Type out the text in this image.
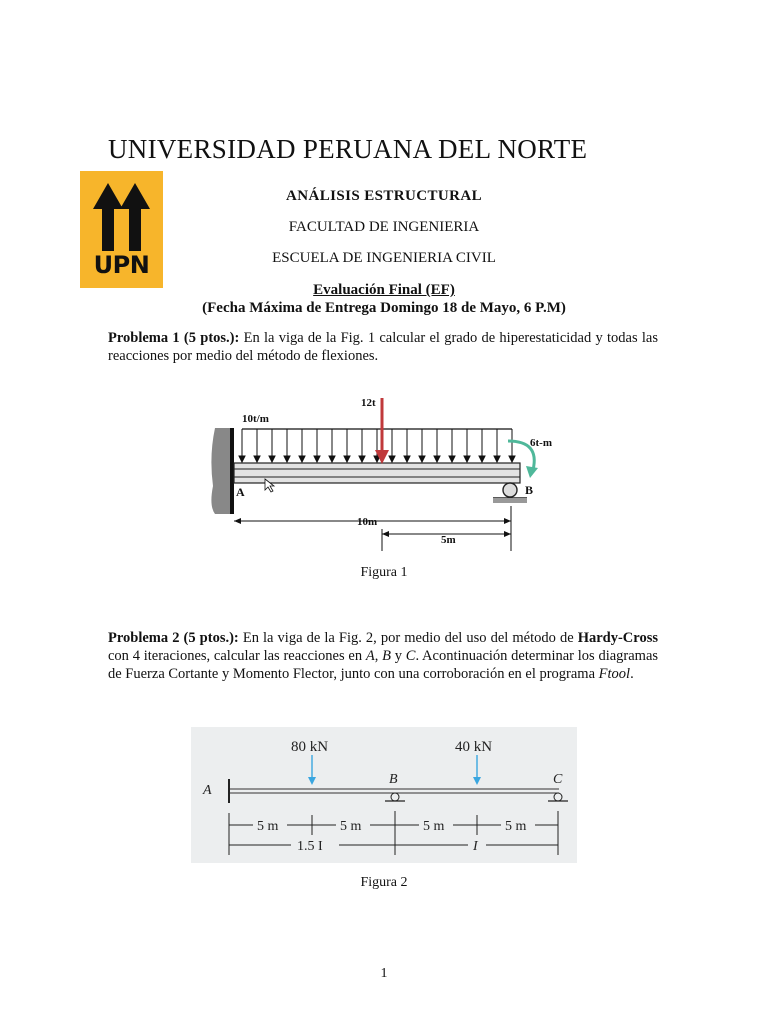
UNIVERSIDAD PERUANA DEL NORTE
UPN
ANÁLISIS ESTRUCTURAL
FACULTAD DE INGENIERIA
ESCUELA DE INGENIERIA CIVIL
Evaluación Final (EF)
(Fecha Máxima de Entrega Domingo 18 de Mayo, 6 P.M)
Problema 1 (5 ptos.): En la viga de la Fig. 1 calcular el grado de hiperestaticidad y todas las reacciones por medio del método de flexiones.
10t/m
12t
6t-m
A	B
10m
5m
Figura 1
Problema 2 (5 ptos.): En la viga de la Fig. 2, por medio del uso del método de Hardy-Cross con 4 iteraciones, calcular las reacciones en A, B y C. Acontinuación determinar los diagramas de Fuerza Cortante y Momento Flector, junto con una corroboración en el programa Ftool.
80 kN	40 kN
A
B	C
5 m	5 m	5 m	5 m
1.5 I	I
Figura 2
1
